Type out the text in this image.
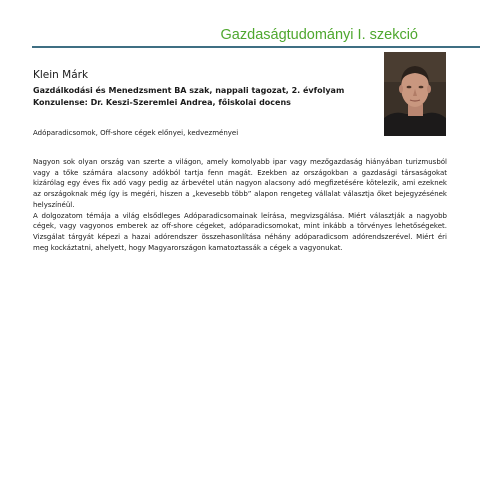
Gazdaságtudományi I. szekció
Klein Márk
Gazdálkodási és Menedzsment BA szak, nappali tagozat, 2. évfolyam
Konzulense: Dr. Keszi-Szeremlei Andrea, főiskolai docens
Adóparadicsomok, Off-shore cégek előnyei, kedvezményei

Nagyon sok olyan ország van szerte a világon, amely komolyabb ipar vagy mezőgazdaság hiányában turizmusból vagy a tőke számára alacsony adókból tartja fenn magát. Ezekben az országokban a gazdasági társaságokat kizárólag egy éves fix adó vagy pedig az árbevétel után nagyon alacsony adó megfizetésére kötelezik, ami ezeknek az országoknak még így is megéri, hiszen a „kevesebb több” alapon rengeteg vállalat választja őket bejegyzésének helyszínéül.

A dolgozatom témája a világ elsődleges Adóparadicsomainak leírása, megvizsgálása. Miért választják a nagyobb cégek, vagy vagyonos emberek az off-shore cégeket, adóparadicsomokat, mint inkább a törvényes lehetőségeket. Vizsgálat tárgyát képezi a hazai adórendszer összehasonlítása néhány adóparadicsom adórendszerével. Miért éri meg kockáztatni, ahelyett, hogy Magyarországon kamatoztassák a cégek a vagyonukat.
